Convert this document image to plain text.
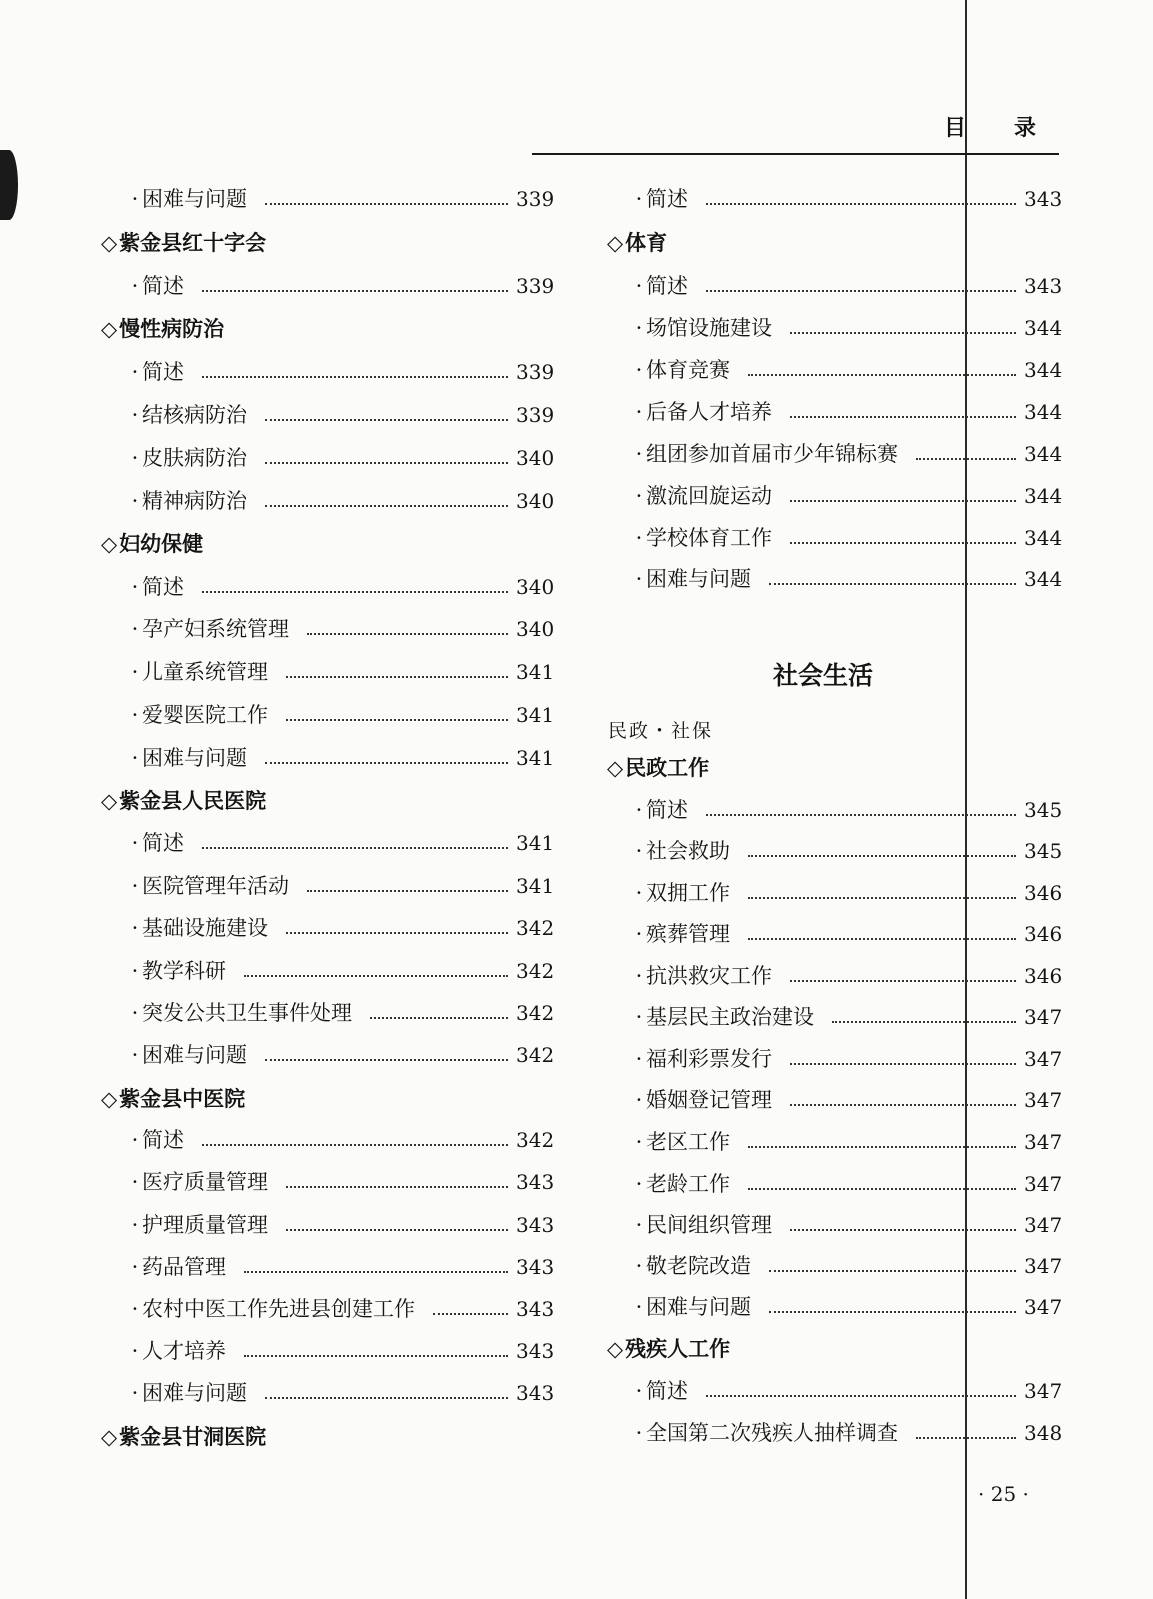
目 录
· 困难与问题	339
◇紫金县红十字会
· 简述	339
◇慢性病防治
· 简述	339
· 结核病防治	339
· 皮肤病防治	340
· 精神病防治	340
◇妇幼保健
· 简述	340
· 孕产妇系统管理	340
· 儿童系统管理	341
· 爱婴医院工作	341
· 困难与问题	341
◇紫金县人民医院
· 简述	341
· 医院管理年活动	341
· 基础设施建设	342
· 教学科研	342
· 突发公共卫生事件处理	342
· 困难与问题	342
◇紫金县中医院
· 简述	342
· 医疗质量管理	343
· 护理质量管理	343
· 药品管理	343
· 农村中医工作先进县创建工作	343
· 人才培养	343
· 困难与问题	343
◇紫金县甘洞医院
· 简述	343
◇体育
· 简述	343
· 场馆设施建设	344
· 体育竞赛	344
· 后备人才培养	344
· 组团参加首届市少年锦标赛	344
· 激流回旋运动	344
· 学校体育工作	344
· 困难与问题	344
社会生活
民政・社保
◇民政工作
· 简述	345
· 社会救助	345
· 双拥工作	346
· 殡葬管理	346
· 抗洪救灾工作	346
· 基层民主政治建设	347
· 福利彩票发行	347
· 婚姻登记管理	347
· 老区工作	347
· 老龄工作	347
· 民间组织管理	347
· 敬老院改造	347
· 困难与问题	347
◇残疾人工作
· 简述	347
· 全国第二次残疾人抽样调查	348
· 25 ·
